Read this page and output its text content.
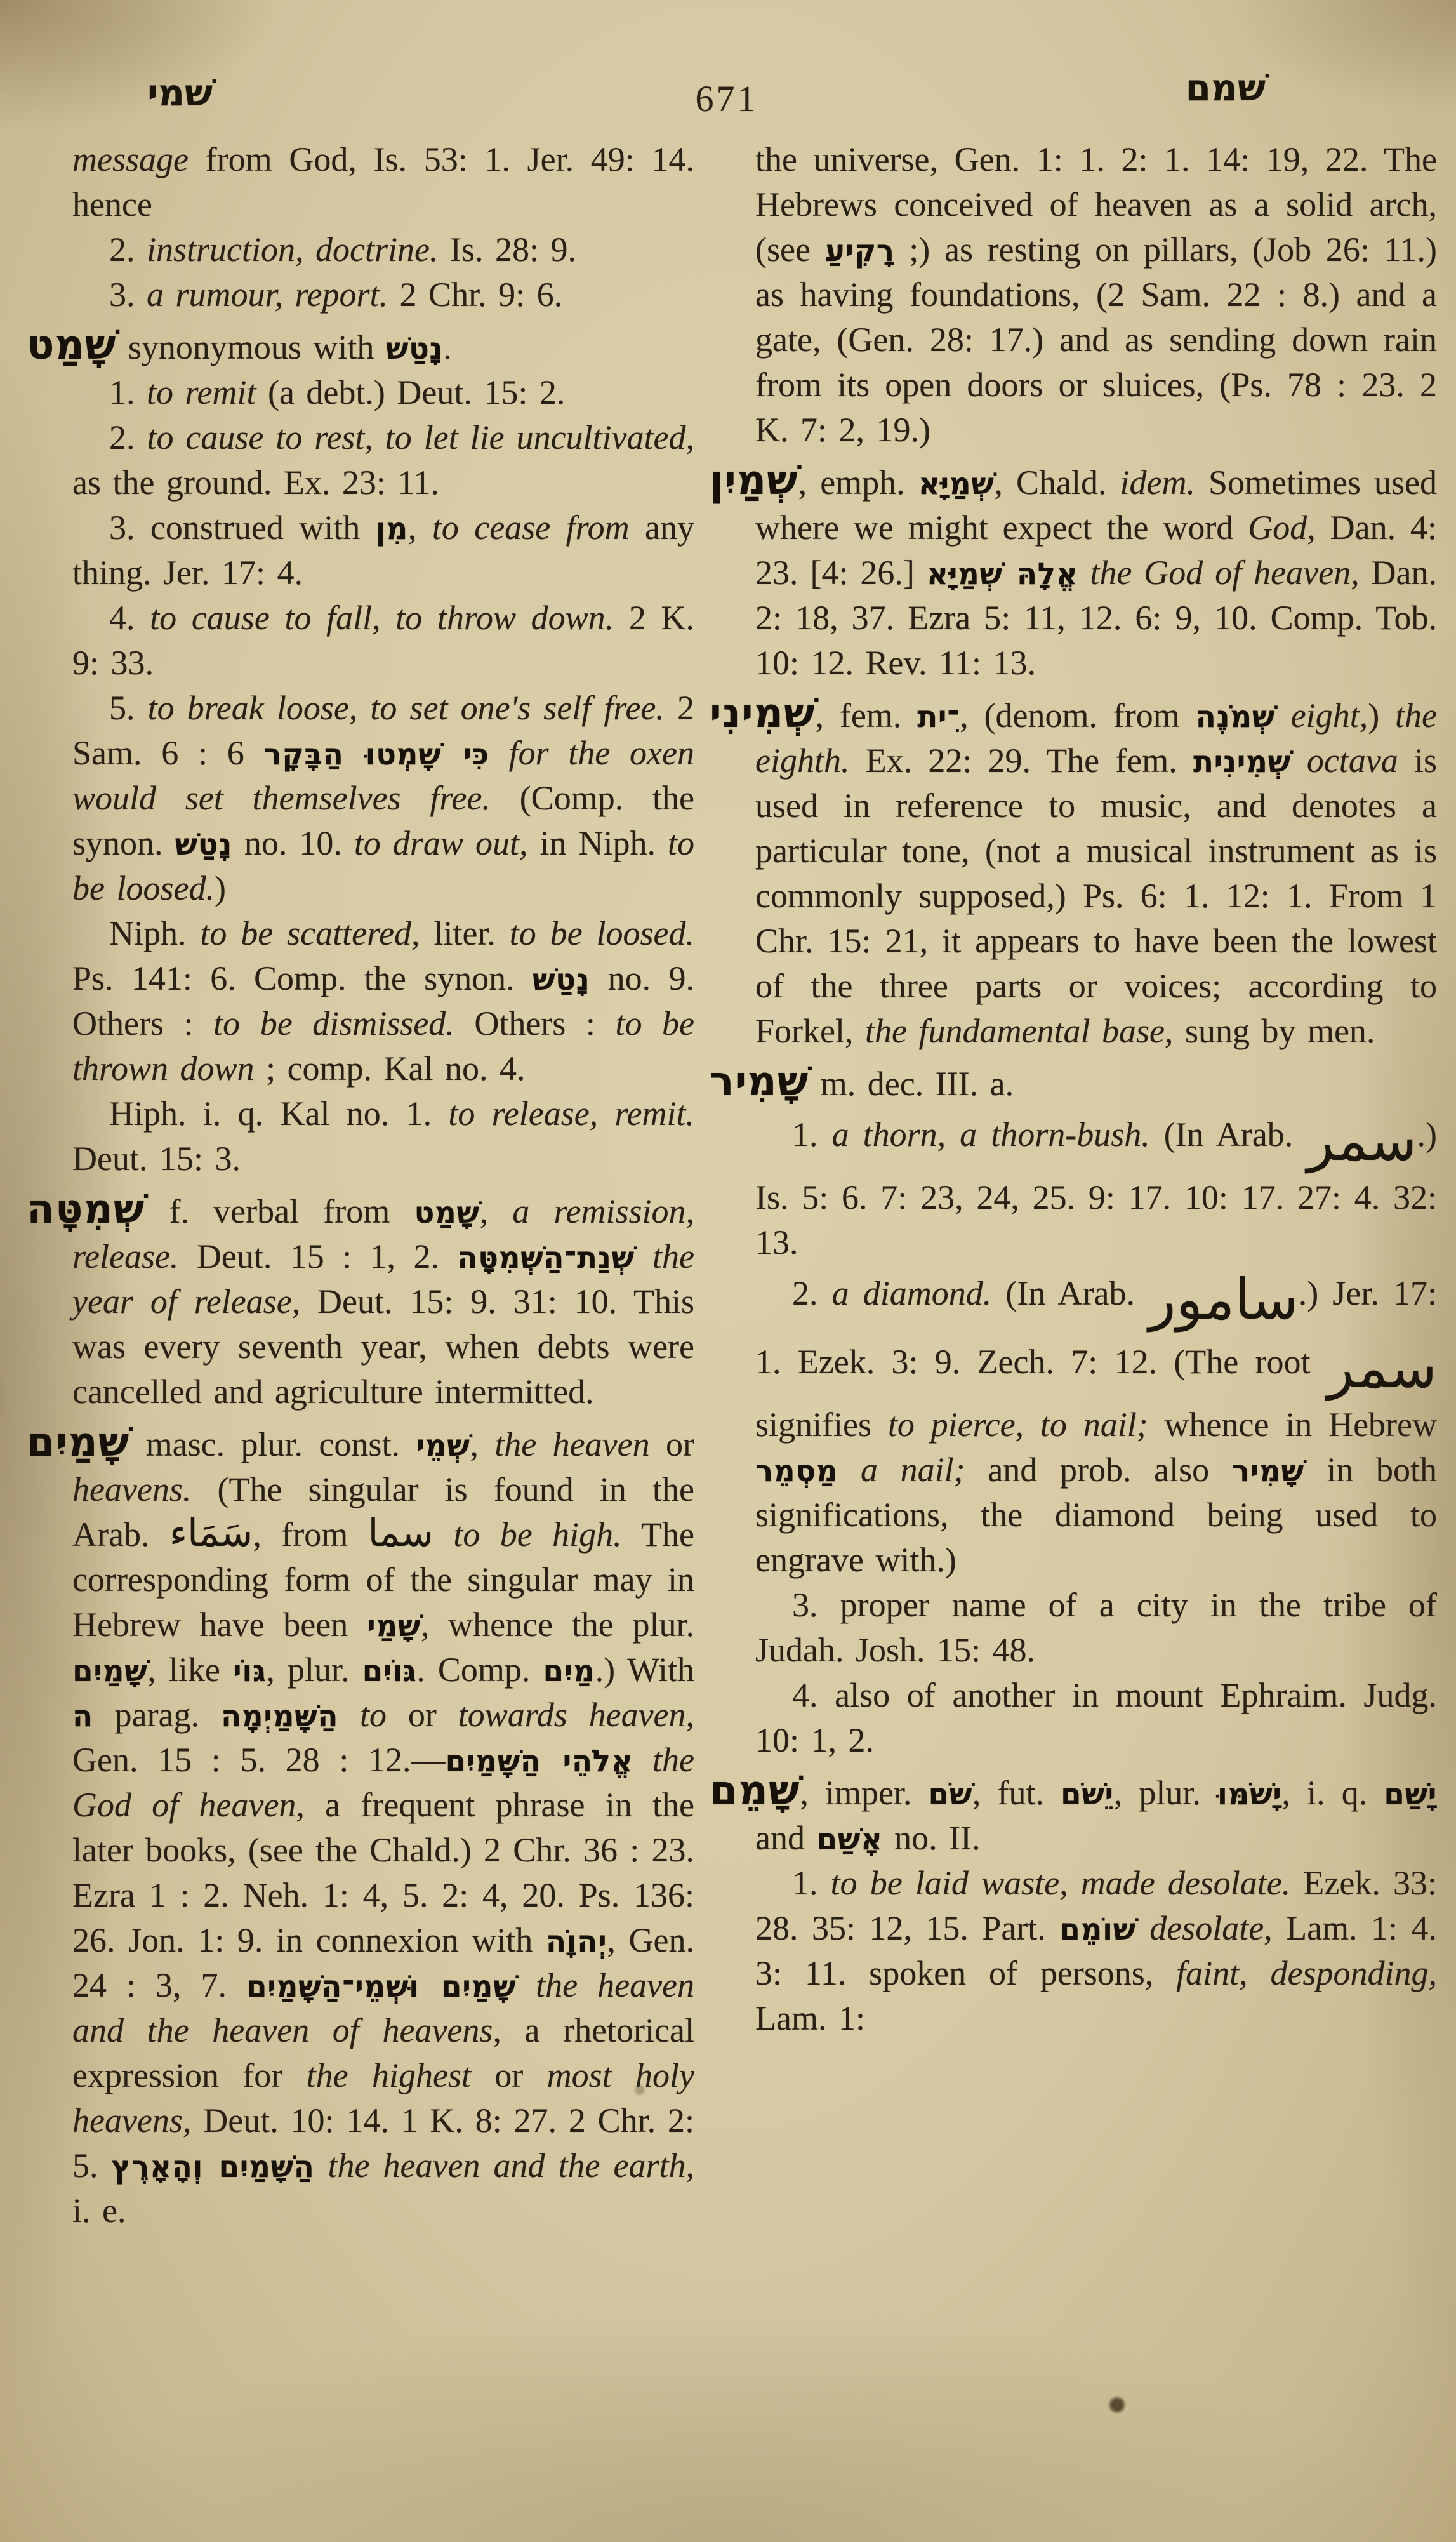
שׁמי	671	שׁמם

message from God, Is. 53: 1. Jer. 49: 14. hence

2. instruction, doctrine. Is. 28: 9.

3. a rumour, report. 2 Chr. 9: 6.

שָׁמַט synonymous with נָטַשׁ.

1. to remit (a debt.) Deut. 15: 2.

2. to cause to rest, to let lie uncultivated, as the ground. Ex. 23: 11.

3. construed with מִן, to cease from any thing. Jer. 17: 4.

4. to cause to fall, to throw down. 2 K. 9: 33.

5. to break loose, to set one's self free. 2 Sam. 6 : 6 כִּי שָׁמְטוּ הַבָּקָר for the oxen would set themselves free. (Comp. the synon. נָטַשׁ no. 10. to draw out, in Niph. to be loosed.)

Niph. to be scattered, liter. to be loosed. Ps. 141: 6. Comp. the synon. נָטַשׁ no. 9. Others : to be dismissed. Others : to be thrown down ; comp. Kal no. 4.

Hiph. i. q. Kal no. 1. to release, remit. Deut. 15: 3.

שְׁמִטָּה f. verbal from שָׁמַט, a remission, release. Deut. 15 : 1, 2. שְׁנַת־הַשְּׁמִטָּה the year of release, Deut. 15: 9. 31: 10. This was every seventh year, when debts were cancelled and agriculture intermitted.

שָׁמַיִם masc. plur. const. שְׁמֵי, the heaven or heavens. (The singular is found in the Arab. سَمَاء, from سما to be high. The corresponding form of the singular may in Hebrew have been שָׁמַי, whence the plur. שָׁמַיִם, like גּוֹי, plur. גּוֹיִם. Comp. מַיִם.) With ה parag. הַשָּׁמַיְמָה to or towards heaven, Gen. 15 : 5. 28 : 12.—אֱלֹהֵי הַשָּׁמַיִם the God of heaven, a frequent phrase in the later books, (see the Chald.) 2 Chr. 36 : 23. Ezra 1 : 2. Neh. 1: 4, 5. 2: 4, 20. Ps. 136: 26. Jon. 1: 9. in connexion with יְהוָֹה, Gen. 24 : 3, 7. שָׁמַיִם וּשְׁמֵי־הַשָּׁמַיִם the heaven and the heaven of heavens, a rhetorical expression for the highest or most holy heavens, Deut. 10: 14. 1 K. 8: 27. 2 Chr. 2: 5. הַשָּׁמַיִם וְהָאָרֶץ the heaven and the earth, i. e.

the universe, Gen. 1: 1. 2: 1. 14: 19, 22. The Hebrews conceived of heaven as a solid arch, (see רָקִיעַ ;) as resting on pillars, (Job 26: 11.) as having foundations, (2 Sam. 22 : 8.) and a gate, (Gen. 28: 17.) and as sending down rain from its open doors or sluices, (Ps. 78 : 23. 2 K. 7: 2, 19.)

שְׁמַיִן, emph. שְׁמַיָּא, Chald. idem. Sometimes used where we might expect the word God, Dan. 4: 23. [4: 26.] אֱלָהּ שְׁמַיָּא the God of heaven, Dan. 2: 18, 37. Ezra 5: 11, 12. 6: 9, 10. Comp. Tob. 10: 12. Rev. 11: 13.

שְׁמִינִי, fem. ־ִית, (denom. from שְׁמֹנֶה eight,) the eighth. Ex. 22: 29. The fem. שְׁמִינִית octava is used in reference to music, and denotes a particular tone, (not a musical instrument as is commonly supposed,) Ps. 6: 1. 12: 1. From 1 Chr. 15: 21, it appears to have been the lowest of the three parts or voices; according to Forkel, the fundamental base, sung by men.

שָׁמִיר m. dec. III. a.

1. a thorn, a thorn-bush. (In Arab. سمر.) Is. 5: 6. 7: 23, 24, 25. 9: 17. 10: 17. 27: 4. 32: 13.

2. a diamond. (In Arab. سامور.) Jer. 17: 1. Ezek. 3: 9. Zech. 7: 12. (The root سمر signifies to pierce, to nail; whence in Hebrew מַסְמֵר a nail; and prob. also שָׁמִיר in both significations, the diamond being used to engrave with.)

3. proper name of a city in the tribe of Judah. Josh. 15: 48.

4. also of another in mount Ephraim. Judg. 10: 1, 2.

שָׁמֵם, imper. שֹׁם, fut. יֵשֹׁם, plur. יָשֹׁמּוּ, i. q. יָשַׁם and אָשַׁם no. II.

1. to be laid waste, made desolate. Ezek. 33: 28. 35: 12, 15. Part. שׁוֹמֵם desolate, Lam. 1: 4. 3: 11. spoken of persons, faint, desponding, Lam. 1:
